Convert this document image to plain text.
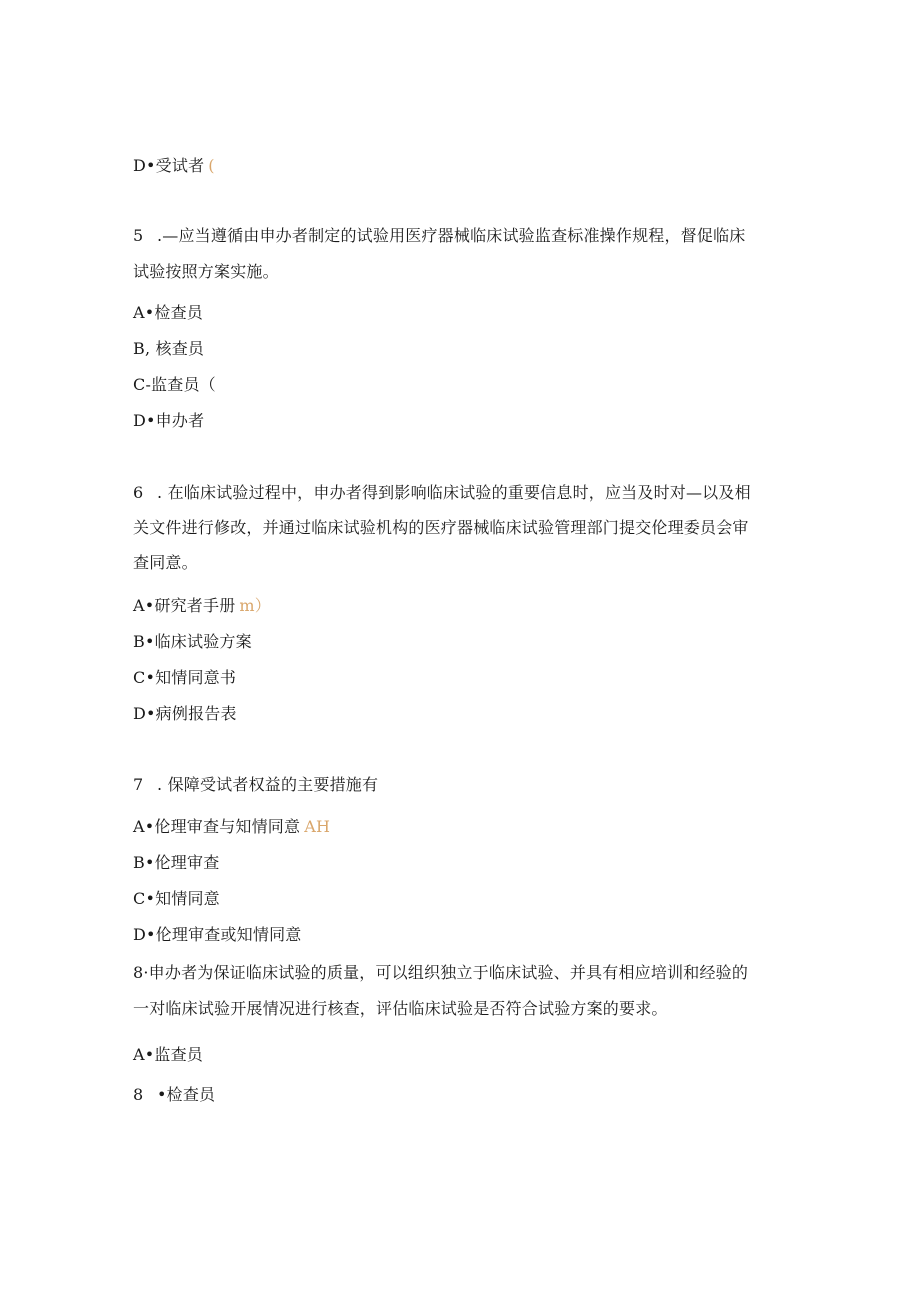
D•受试者 (
5 .—应当遵循由申办者制定的试验用医疗器械临床试验监查标准操作规程，督促临床
试验按照方案实施。
A•检查员
B, 核查员
C-监查员（
D•申办者
6 . 在临床试验过程中，申办者得到影响临床试验的重要信息时，应当及时对—以及相
关文件进行修改，并通过临床试验机构的医疗器械临床试验管理部门提交伦理委员会审
查同意。
A•研究者手册 m）
B•临床试验方案
C•知情同意书
D•病例报告表
7 . 保障受试者权益的主要措施有
A•伦理审查与知情同意 AH
B•伦理审查
C•知情同意
D•伦理审查或知情同意
8·申办者为保证临床试验的质量，可以组织独立于临床试验、并具有相应培训和经验的
一对临床试验开展情况进行核查，评估临床试验是否符合试验方案的要求。
A•监查员
8 •检查员
